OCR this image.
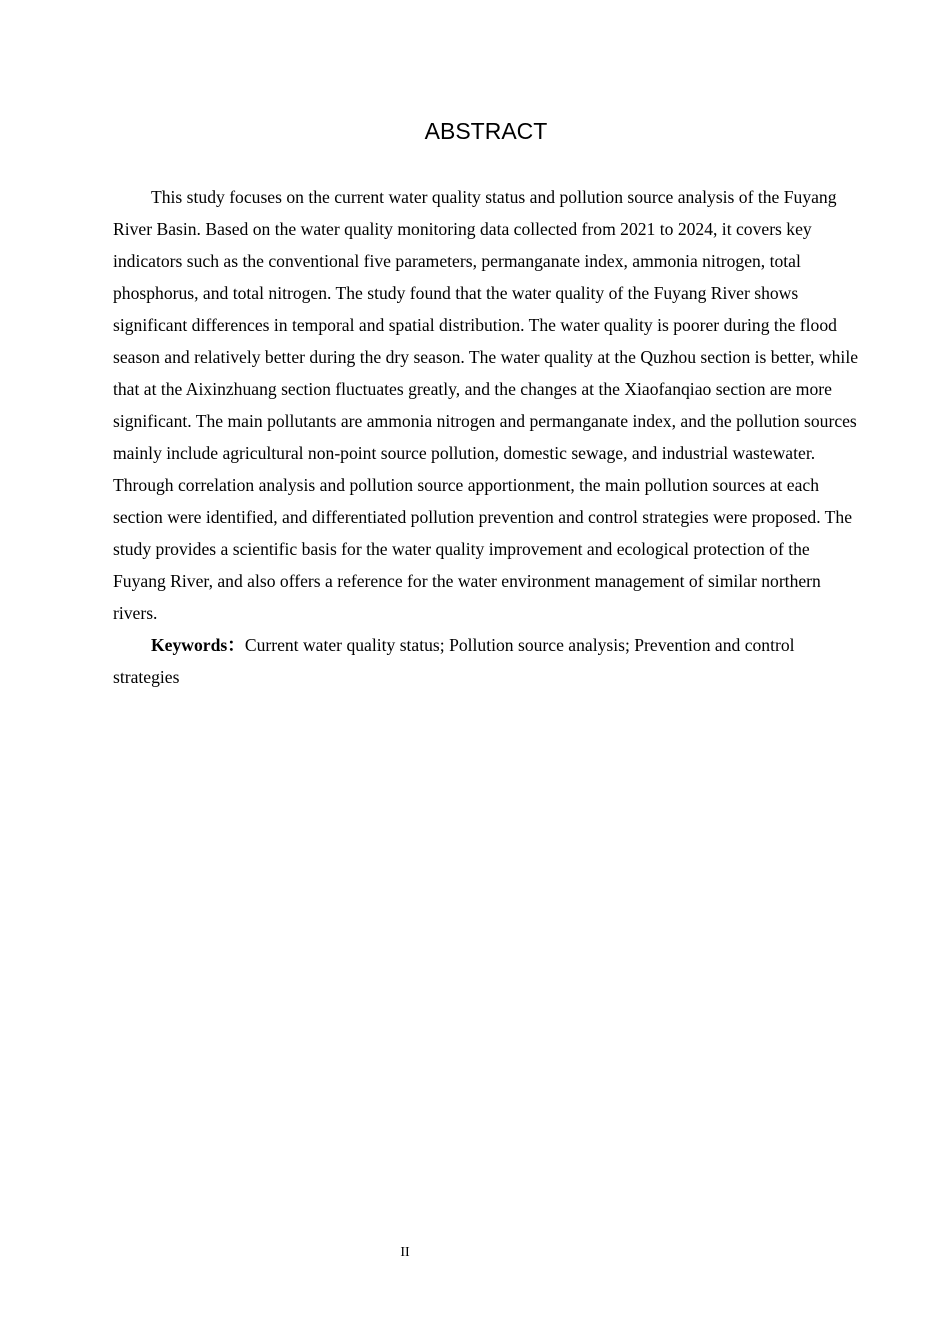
ABSTRACT

This study focuses on the current water quality status and pollution source analysis of the Fuyang River Basin. Based on the water quality monitoring data collected from 2021 to 2024, it covers key indicators such as the conventional five parameters, permanganate index, ammonia nitrogen, total phosphorus, and total nitrogen. The study found that the water quality of the Fuyang River shows significant differences in temporal and spatial distribution. The water quality is poorer during the flood season and relatively better during the dry season. The water quality at the Quzhou section is better, while that at the Aixinzhuang section fluctuates greatly, and the changes at the Xiaofanqiao section are more significant. The main pollutants are ammonia nitrogen and permanganate index, and the pollution sources mainly include agricultural non-point source pollution, domestic sewage, and industrial wastewater. Through correlation analysis and pollution source apportionment, the main pollution sources at each section were identified, and differentiated pollution prevention and control strategies were proposed. The study provides a scientific basis for the water quality improvement and ecological protection of the Fuyang River, and also offers a reference for the water environment management of similar northern rivers.

Keywords：Current water quality status; Pollution source analysis; Prevention and control strategies

II
